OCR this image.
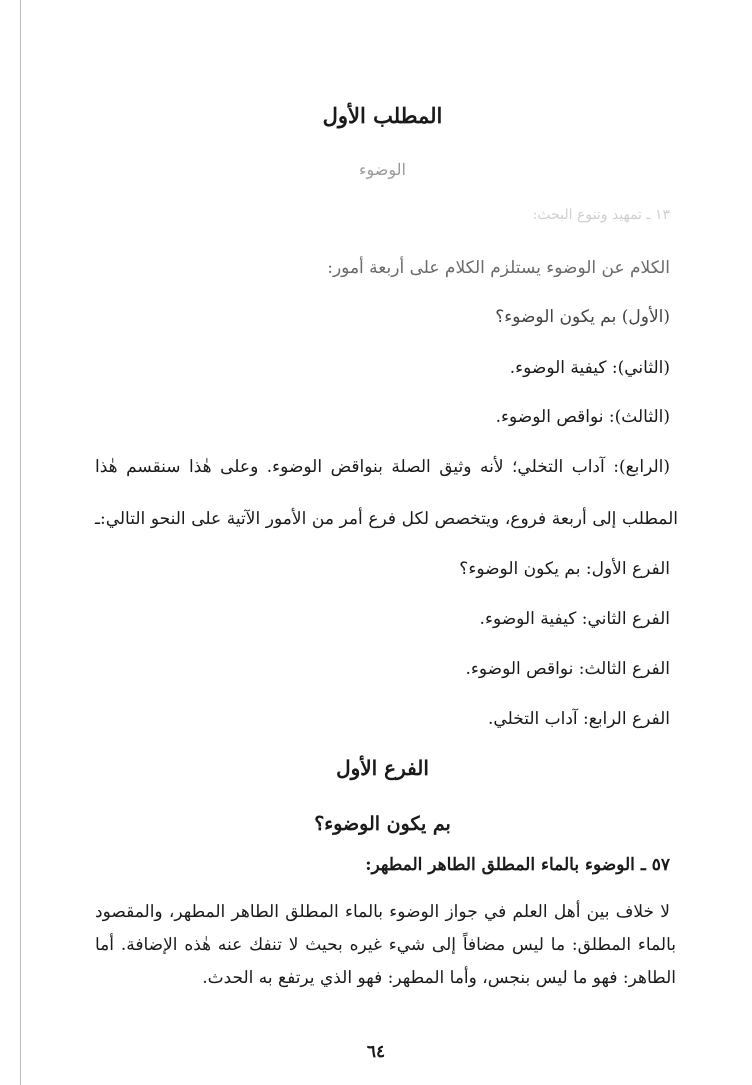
المطلب الأول
الوضوء
١٣ ـ تمهيد وتنوع البحث:
الكلام عن الوضوء يستلزم الكلام على أربعة أمور:
(الأول) بم يكون الوضوء؟
(الثاني): كيفية الوضوء.
(الثالث): نواقص الوضوء.
(الرابع): آداب التخلي؛ لأنه وثيق الصلة بنواقض الوضوء. وعلى هٰذا سنقسم هٰذا
المطلب إلى أربعة فروع، ويتخصص لكل فرع أمر من الأمور الآتية على النحو التالي:ـ
الفرع الأول: بم يكون الوضوء؟
الفرع الثاني: كيفية الوضوء.
الفرع الثالث: نواقص الوضوء.
الفرع الرابع: آداب التخلي.
الفرع الأول
بم يكون الوضوء؟
٥٧ ـ الوضوء بالماء المطلق الطاهر المطهر:
لا خلاف بين أهل العلم في جواز الوضوء بالماء المطلق الطاهر المطهر، والمقصود
بالماء المطلق: ما ليس مضافاً إلى شيء غيره بحيث لا تنفك عنه هٰذه الإضافة. أما
الطاهر: فهو ما ليس بنجس، وأما المطهر: فهو الذي يرتفع به الحدث.
٦٤
